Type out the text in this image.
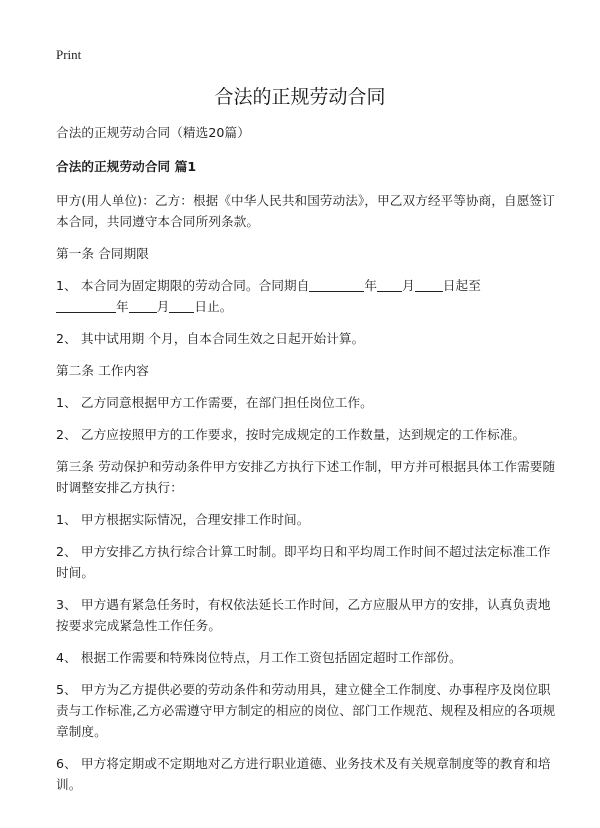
Print
合法的正规劳动合同

合法的正规劳动合同（精选20篇）

合法的正规劳动合同 篇1

甲方(用人单位)：乙方：根据《中华人民共和国劳动法》，甲乙双方经平等协商，自愿签订本合同，共同遵守本合同所列条款。

第一条 合同期限

1、 本合同为固定期限的劳动合同。合同期自	年 月 日起至
年 月 日止。

2、 其中试用期 个月，自本合同生效之日起开始计算。

第二条 工作内容

1、 乙方同意根据甲方工作需要，在部门担任岗位工作。

2、 乙方应按照甲方的工作要求，按时完成规定的工作数量，达到规定的工作标准。

第三条 劳动保护和劳动条件甲方安排乙方执行下述工作制，甲方并可根据具体工作需要随时调整安排乙方执行：

1、 甲方根据实际情况，合理安排工作时间。

2、 甲方安排乙方执行综合计算工时制。即平均日和平均周工作时间不超过法定标准工作时间。

3、 甲方遇有紧急任务时，有权依法延长工作时间，乙方应服从甲方的安排，认真负责地按要求完成紧急性工作任务。

4、 根据工作需要和特殊岗位特点，月工作工资包括固定超时工作部份。

5、 甲方为乙方提供必要的劳动条件和劳动用具，建立健全工作制度、办事程序及岗位职责与工作标准,乙方必需遵守甲方制定的相应的岗位、部门工作规范、规程及相应的各项规章制度。

6、 甲方将定期或不定期地对乙方进行职业道德、业务技术及有关规章制度等的教育和培训。
